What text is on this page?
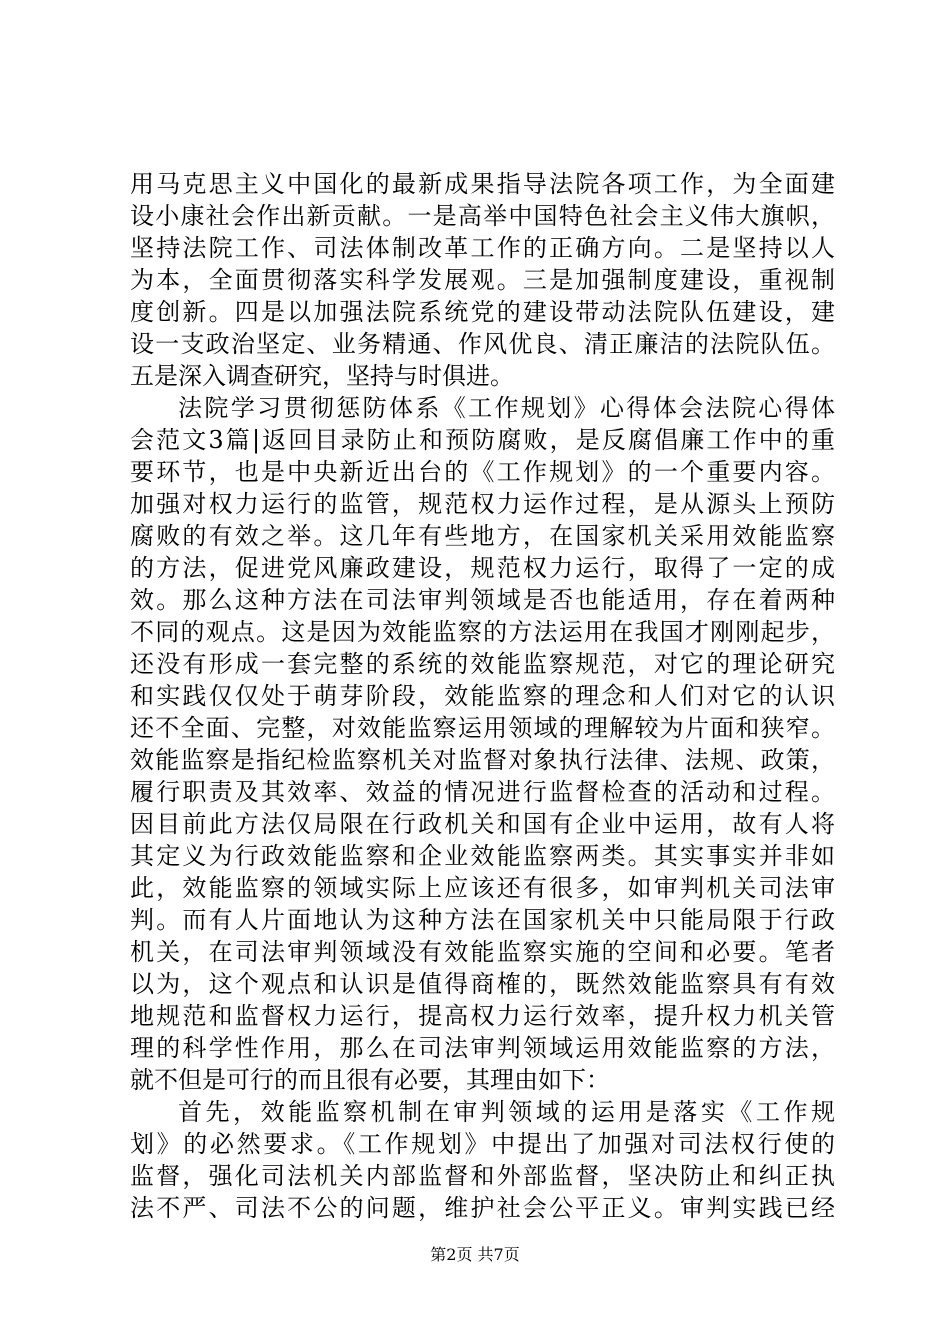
用马克思主义中国化的最新成果指导法院各项工作，为全面建
设小康社会作出新贡献。一是高举中国特色社会主义伟大旗帜，
坚持法院工作、司法体制改革工作的正确方向。二是坚持以人
为本，全面贯彻落实科学发展观。三是加强制度建设，重视制
度创新。四是以加强法院系统党的建设带动法院队伍建设，建
设一支政治坚定、业务精通、作风优良、清正廉洁的法院队伍。
五是深入调查研究，坚持与时俱进。
法院学习贯彻惩防体系《工作规划》心得体会法院心得体
会范文3篇|返回目录防止和预防腐败，是反腐倡廉工作中的重
要环节，也是中央新近出台的《工作规划》的一个重要内容。
加强对权力运行的监管，规范权力运作过程，是从源头上预防
腐败的有效之举。这几年有些地方，在国家机关采用效能监察
的方法，促进党风廉政建设，规范权力运行，取得了一定的成
效。那么这种方法在司法审判领域是否也能适用，存在着两种
不同的观点。这是因为效能监察的方法运用在我国才刚刚起步，
还没有形成一套完整的系统的效能监察规范，对它的理论研究
和实践仅仅处于萌芽阶段，效能监察的理念和人们对它的认识
还不全面、完整，对效能监察运用领域的理解较为片面和狭窄。
效能监察是指纪检监察机关对监督对象执行法律、法规、政策，
履行职责及其效率、效益的情况进行监督检查的活动和过程。
因目前此方法仅局限在行政机关和国有企业中运用，故有人将
其定义为行政效能监察和企业效能监察两类。其实事实并非如
此，效能监察的领域实际上应该还有很多，如审判机关司法审
判。而有人片面地认为这种方法在国家机关中只能局限于行政
机关，在司法审判领域没有效能监察实施的空间和必要。笔者
以为，这个观点和认识是值得商榷的，既然效能监察具有有效
地规范和监督权力运行，提高权力运行效率，提升权力机关管
理的科学性作用，那么在司法审判领域运用效能监察的方法，
就不但是可行的而且很有必要，其理由如下：
首先，效能监察机制在审判领域的运用是落实《工作规
划》的必然要求。《工作规划》中提出了加强对司法权行使的
监督，强化司法机关内部监督和外部监督，坚决防止和纠正执
法不严、司法不公的问题，维护社会公平正义。审判实践已经
第2页 共7页
